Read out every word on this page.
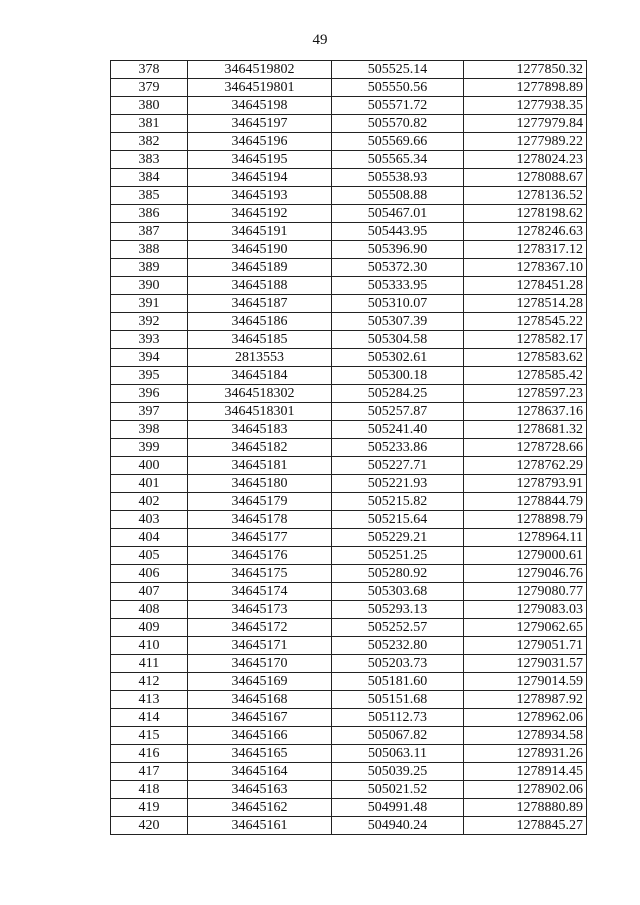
49
378	3464519802	505525.14	1277850.32
379	3464519801	505550.56	1277898.89
380	34645198	505571.72	1277938.35
381	34645197	505570.82	1277979.84
382	34645196	505569.66	1277989.22
383	34645195	505565.34	1278024.23
384	34645194	505538.93	1278088.67
385	34645193	505508.88	1278136.52
386	34645192	505467.01	1278198.62
387	34645191	505443.95	1278246.63
388	34645190	505396.90	1278317.12
389	34645189	505372.30	1278367.10
390	34645188	505333.95	1278451.28
391	34645187	505310.07	1278514.28
392	34645186	505307.39	1278545.22
393	34645185	505304.58	1278582.17
394	2813553	505302.61	1278583.62
395	34645184	505300.18	1278585.42
396	3464518302	505284.25	1278597.23
397	3464518301	505257.87	1278637.16
398	34645183	505241.40	1278681.32
399	34645182	505233.86	1278728.66
400	34645181	505227.71	1278762.29
401	34645180	505221.93	1278793.91
402	34645179	505215.82	1278844.79
403	34645178	505215.64	1278898.79
404	34645177	505229.21	1278964.11
405	34645176	505251.25	1279000.61
406	34645175	505280.92	1279046.76
407	34645174	505303.68	1279080.77
408	34645173	505293.13	1279083.03
409	34645172	505252.57	1279062.65
410	34645171	505232.80	1279051.71
411	34645170	505203.73	1279031.57
412	34645169	505181.60	1279014.59
413	34645168	505151.68	1278987.92
414	34645167	505112.73	1278962.06
415	34645166	505067.82	1278934.58
416	34645165	505063.11	1278931.26
417	34645164	505039.25	1278914.45
418	34645163	505021.52	1278902.06
419	34645162	504991.48	1278880.89
420	34645161	504940.24	1278845.27
